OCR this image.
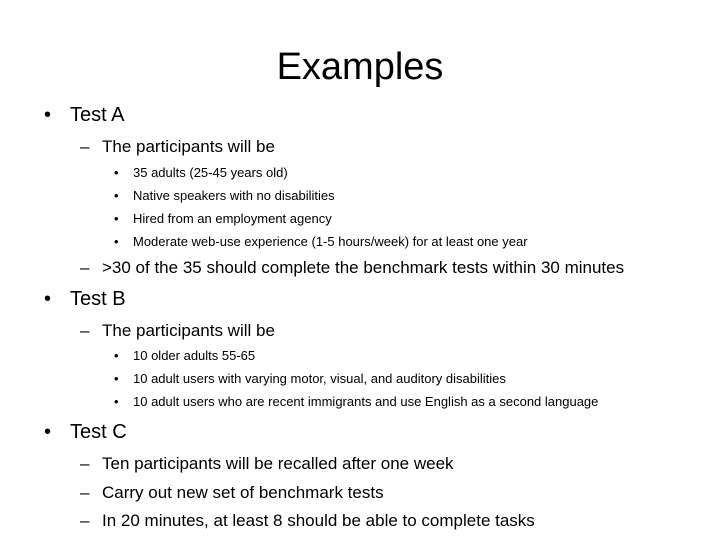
Examples
• Test A
– The participants will be
• 35 adults (25-45 years old)
• Native speakers with no disabilities
• Hired from an employment agency
• Moderate web-use experience (1-5 hours/week) for at least one year
– >30 of the 35 should complete the benchmark tests within 30 minutes
• Test B
– The participants will be
• 10 older adults 55-65
• 10 adult users with varying motor, visual, and auditory disabilities
• 10 adult users who are recent immigrants and use English as a second language
• Test C
– Ten participants will be recalled after one week
– Carry out new set of benchmark tests
– In 20 minutes, at least 8 should be able to complete tasks
